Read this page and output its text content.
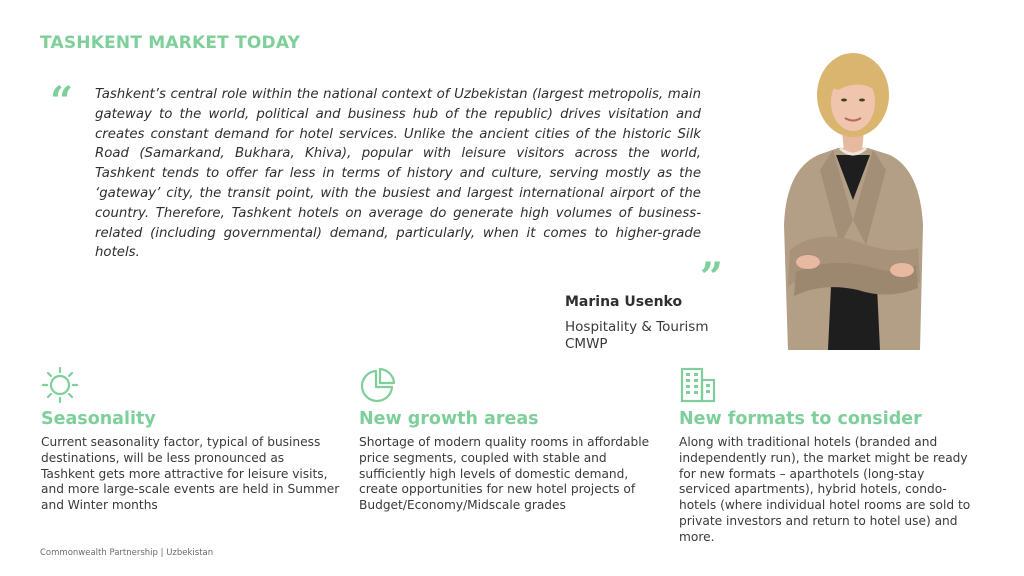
TASHKENT MARKET TODAY
“ Tashkent’s central role within the national context of Uzbekistan (largest metropolis, main gateway to the world, political and business hub of the republic) drives visitation and creates constant demand for hotel services. Unlike the ancient cities of the historic Silk Road (Samarkand, Bukhara, Khiva), popular with leisure visitors across the world, Tashkent tends to offer far less in terms of history and culture, serving mostly as the ‘gateway’ city, the transit point, with the busiest and largest international airport of the country. Therefore, Tashkent hotels on average do generate high volumes of business-related (including governmental) demand, particularly, when it comes to higher-grade hotels.
”
Marina Usenko
Hospitality & Tourism
CMWP
Seasonality

Current seasonality factor, typical of business destinations, will be less pronounced as Tashkent gets more attractive for leisure visits, and more large-scale events are held in Summer and Winter months

New growth areas

Shortage of modern quality rooms in affordable price segments, coupled with stable and sufficiently high levels of domestic demand, create opportunities for new hotel projects of Budget/Economy/Midscale grades

New formats to consider

Along with traditional hotels (branded and independently run), the market might be ready for new formats – aparthotels (long-stay serviced apartments), hybrid hotels, condo-hotels (where individual hotel rooms are sold to private investors and return to hotel use) and more.

Commonwealth Partnership | Uzbekistan
